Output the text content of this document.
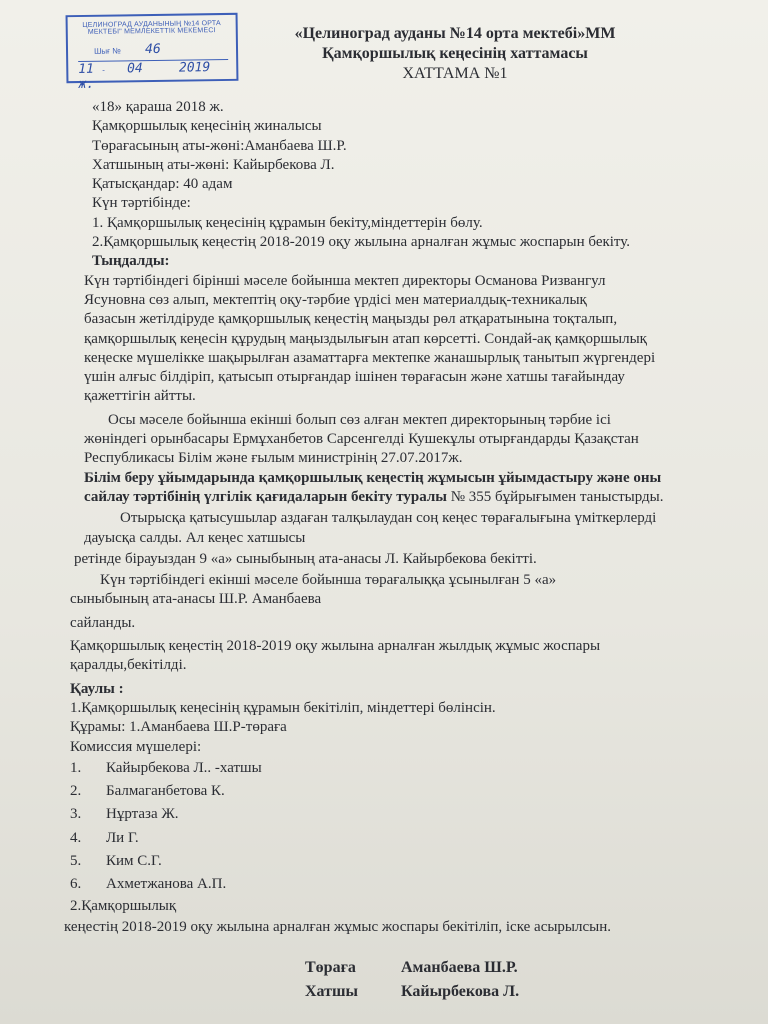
ЦЕЛИНОГРАД АУДАНЫНЫҢ №14 ОРТА
МЕКТЕБІ" МЕМЛЕКЕТТІК МЕКЕМЕСІ
Шығ № 46
11 - 04	2019 ж.
«Целиноград ауданы №14 орта мектебі»ММ
Қамқоршылық кеңесінің хаттамасы
ХАТТАМА №1
«18» қараша 2018 ж.
Қамқоршылық кеңесінің жиналысы
Төрағасының аты-жөні:Аманбаева Ш.Р.
Хатшының аты-жөні: Кайырбекова Л.
Қатысқандар: 40 адам
Күн тәртібінде:
1. Қамқоршылық кеңесінің құрамын бекіту,міндеттерін бөлу.
2.Қамқоршылық кеңестің 2018-2019 оқу жылына арналған жұмыс жоспарын бекіту.
Тыңдалды:
Күн тәртібіндегі бірінші мәселе бойынша мектеп директоры Османова Ризвангул
Ясуновна сөз алып, мектептің оқу-тәрбие үрдісі мен материалдық-техникалық
базасын жетілдіруде қамқоршылық кеңестің маңызды рөл атқаратынына тоқталып,
қамқоршылық кеңесін құрудың маңыздылығын атап көрсетті. Сондай-ақ қамқоршылық
кеңеске мүшелікке шақырылған азаматтарға мектепке жанашырлық танытып жүргендері
үшін алғыс білдіріп, қатысып отырғандар ішінен төрағасын және хатшы тағайындау
қажеттігін айтты.
Осы мәселе бойынша екінші болып сөз алған мектеп директорының тәрбие ісі
жөніндегі орынбасары Ермұханбетов Сарсенгелді Кушекұлы отырғандарды Қазақстан
Республикасы Білім және ғылым министрінің 27.07.2017ж.
Білім беру ұйымдарында қамқоршылық кеңестің жұмысын ұйымдастыру және оны
сайлау тәртібінің үлгілік қағидаларын бекіту туралы № 355 бұйрығымен таныстырды.
Отырысқа қатысушылар аздаған талқылаудан соң кеңес төрағалығына үміткерлерді
дауысқа салды. Ал кеңес хатшысы
ретінде бірауыздан 9 «а» сыныбының ата-анасы Л. Кайырбекова бекітті.
Күн тәртібіндегі екінші мәселе бойынша төрағалыққа ұсынылған 5 «а»
сыныбының ата-анасы Ш.Р. Аманбаева
сайланды.
Қамқоршылық кеңестің 2018-2019 оқу жылына арналған жылдық жұмыс жоспары
қаралды,бекітілді.
Қаулы :
1.Қамқоршылық кеңесінің құрамын бекітіліп, міндеттері бөлінсін.
Құрамы: 1.Аманбаева Ш.Р-төраға
Комиссия мүшелері:
1.	Кайырбекова Л.. -хатшы
2.	Балмаганбетова К.
3.	Нұртаза Ж.
4.	Ли Г.
5.	Ким С.Г.
6.	Ахметжанова А.П.
2.Қамқоршылық
кеңестің 2018-2019 оқу жылына арналған жұмыс жоспары бекітіліп, іске асырылсын.
Төраға	Аманбаева Ш.Р.
Хатшы	Кайырбекова Л.
